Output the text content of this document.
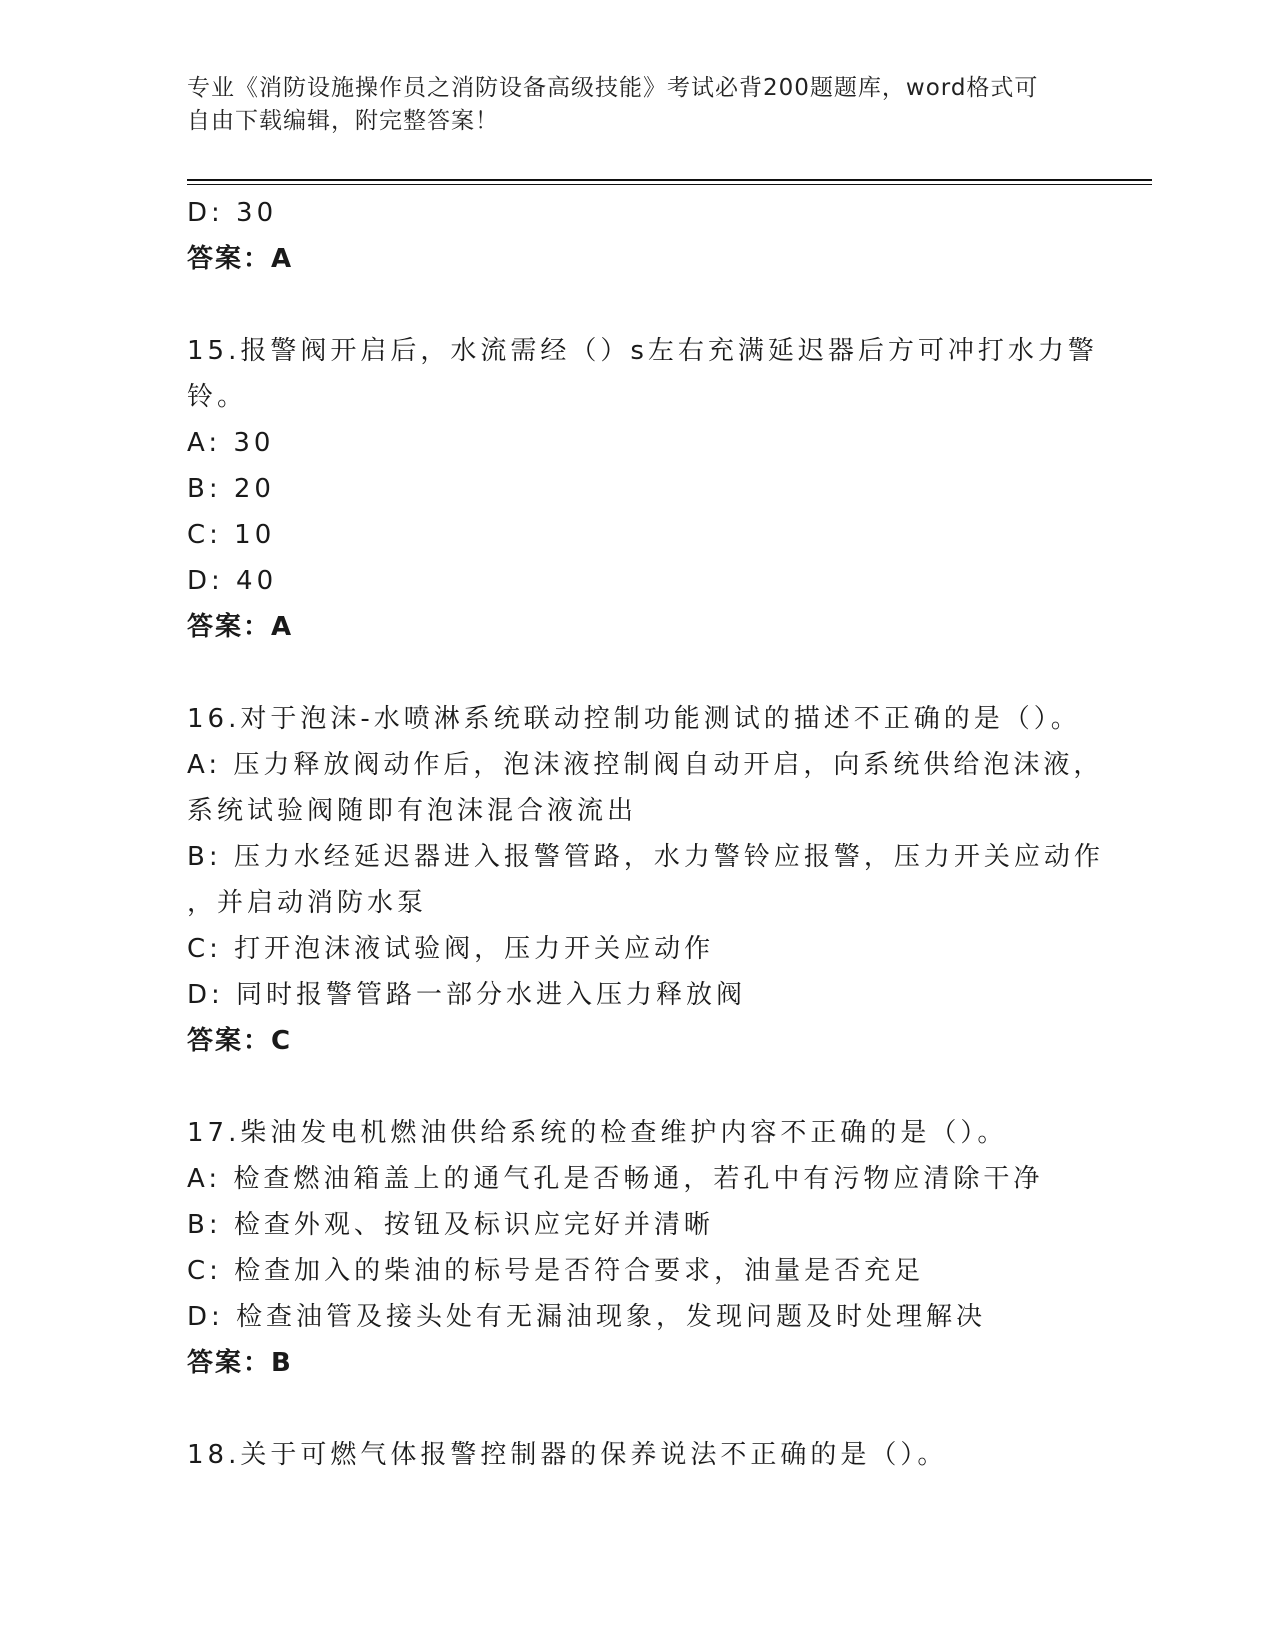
专业《消防设施操作员之消防设备高级技能》考试必背200题题库，word格式可
自由下载编辑，附完整答案！
D: 30
答案：A
15.报警阀开启后，水流需经（）s左右充满延迟器后方可冲打水力警
铃。
A: 30
B: 20
C: 10
D: 40
答案：A
16.对于泡沫-水喷淋系统联动控制功能测试的描述不正确的是（）。
A: 压力释放阀动作后，泡沫液控制阀自动开启，向系统供给泡沫液，
系统试验阀随即有泡沫混合液流出
B: 压力水经延迟器进入报警管路，水力警铃应报警，压力开关应动作
，并启动消防水泵
C: 打开泡沫液试验阀，压力开关应动作
D: 同时报警管路一部分水进入压力释放阀
答案：C
17.柴油发电机燃油供给系统的检查维护内容不正确的是（）。
A: 检查燃油箱盖上的通气孔是否畅通，若孔中有污物应清除干净
B: 检查外观、按钮及标识应完好并清晰
C: 检查加入的柴油的标号是否符合要求，油量是否充足
D: 检查油管及接头处有无漏油现象，发现问题及时处理解决
答案：B
18.关于可燃气体报警控制器的保养说法不正确的是（）。
